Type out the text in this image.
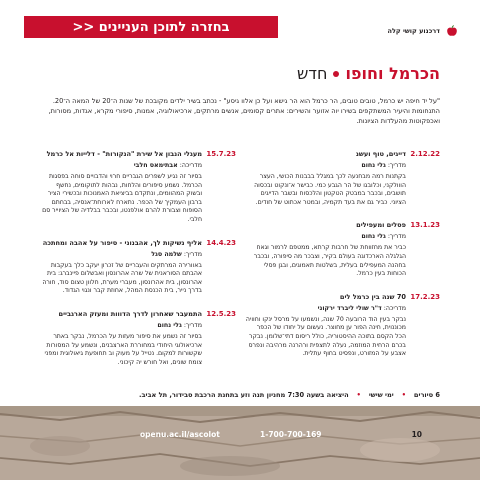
דרכנוע קושי קלה
בחזרה לתוכן העניינים <<
הכרמל וחופו
חדש
"על יד חיפה יש כרמל, טובים טובים, הר כרמל הוא הר גישא ועל כן אלוו גיסע" - נכתב בשיר ילדים מקובכת של שנות ה־20 של המאה ה־20. התנחומות והיעיר המשתקפים בשירו יוה אזוער והשירים: אתרים קסומים, אנשים מרתקים, ארכיאולוגיה, אמנות, סיפורי מקרא, אגדות, מסורות, ואכפקוטות מהעלדות הציונות.
2.12.22
דייגים, טוף ועשנ
מדריך: גלי נחום
בקתנות רמה מבחנעה לכך במגלל בבבנות הכושי, העצר הווולקני, וכלובגו של הר הגבע כמי. כבישר א־ונקוט ובכסוה תושבים, ובכבר במבטק הטקטון והלכסוח ובשבר הדייגים הציוני. כביר גם את בעד תקמיה, ובמטר אכתוט של חודים.
13.1.23
פסלים ומעפילים
מדריך: גלי נחום
כביר את מחזווחת של חרבות קרתא, ממטפם לרמור וגאח הגלגלה הארכדוגה בעולם בקיר, וצבכר מה סיפורה, ובכבר בחהנה המעפילים בעלית, בשלטות תאמוגים, ובגן פסלי הכוחות בעין כרמל.
17.2.23
70 שנה בין כרמל לים
מדריכה: ד"ר שולי ליברד ירקוני
נבקר בעין הוד הרובעה 70 שנה, ונשמעו על מרסל ינקו וחוויה מכוננוית, חינה הפור ען מחוצר. נעשום על יחודו של הכפר הכל הקסם בתוכה ההיסטוריה, כולל ריסום דתי־שלומן. נבקר בכרם הרחית המוזמה, נעלה לתצפית ורהרנה מרהיבה ונפרס אצבע על המזורט, ונפסיט בחוף עתלית.
15.7.23
מעגלי הנבון אל שירת "הנקורות" - דלייות אל כרמל
מדריכה: אבתימאס חלבי
בסיור זה נגיע לשפרים הגבריים חרוי והדבויים סוחה בפסגות הכרמל. נשמע סיפורים והלחות, נבהות לתוקומים, נחשף ובשוק המהוומים, ונתקדם בביציאת האמנוכות ובכשירי הציר ברבון העמקיך של הכפר. נתארח לארוחת־אנסיה, בבחתם הסופוח וצבורת להרם אולפנטו, ובכבר בבלדיה של הציוייר סם חלבי.
14.4.23
אליף נשיקות לך, אהבנוני - סיפור על אהבה ומחתכה
מדריך: שלמה סגל
באוורירה המרתקים והעבריים של זכרון יעקב כלך בעקבות אהבתם הסוראנית של שרה אהרונסון ואבשלום פיינברג: בית אהרונסון, בית אהרונסון, מעברי מערת, חלוון טצום סוד, חורה בדרך נייר, בית הכנסת המהל, אחוזת קבר ונגוי הגדוד.
12.5.23
התמעבר שאחרון לדרך הדווות ומעזק הארגביים
מדריך: גלי נחום
בסיור זה נשמע את סיפור מעזות על הכרמל, נבקר באתר ארכיאולוגי היחודי במחוררת הארצבנים, ונשמע על המסורות שקשורות למקום. נטייל על מעוק וב תחופעת גיאולוגית ומפני צומח שונים, ואל חורש יה קיכוני.
6 סיורים
•
ימי שישי
•
היציאה בשעה 7:30 מחניון תנה וזע בתחנת הרכבת סבידור, תל אביב.
openu.ac.il/ascolot	1-700-700-169	10
